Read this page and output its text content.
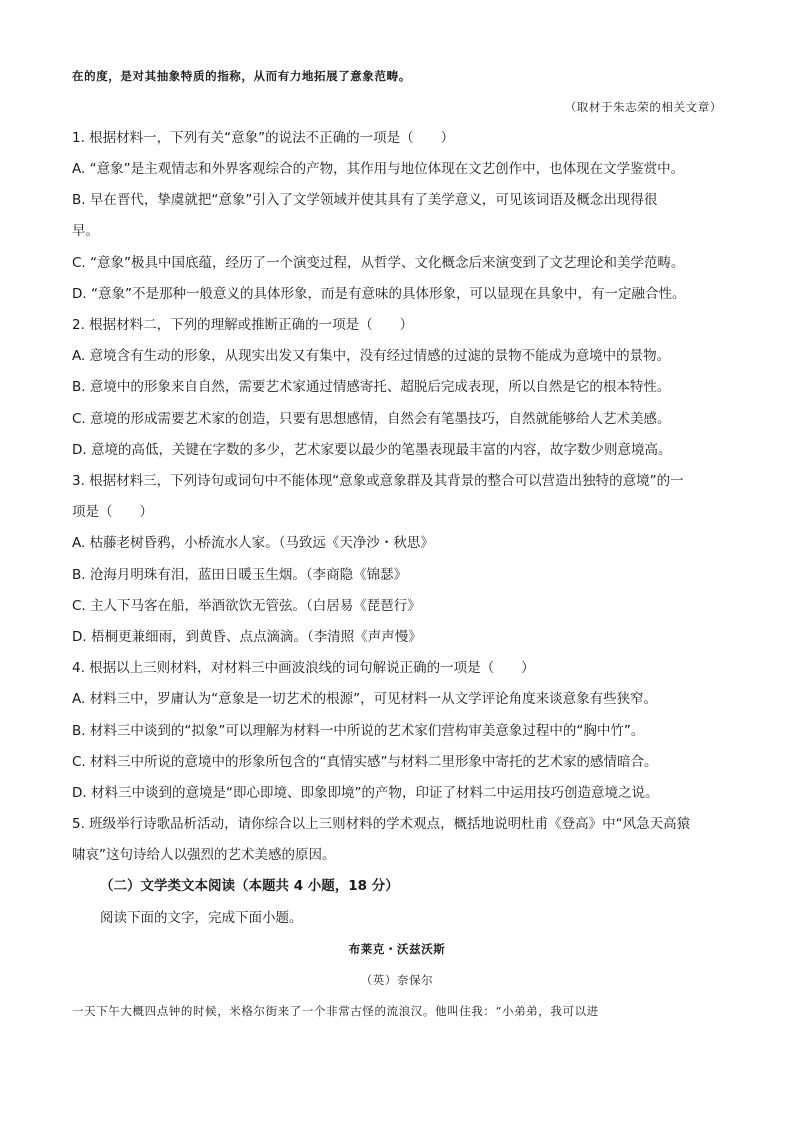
在的度，是对其抽象特质的指称，从而有力地拓展了意象范畴。
（取材于朱志荣的相关文章）
1. 根据材料一，下列有关“意象”的说法不正确的一项是（　　）
A. “意象”是主观情志和外界客观综合的产物，其作用与地位体现在文艺创作中，也体现在文学鉴赏中。
B. 早在晋代，挚虞就把“意象”引入了文学领域并使其具有了美学意义，可见该词语及概念出现得很
早。
C. “意象”极具中国底蕴，经历了一个演变过程，从哲学、文化概念后来演变到了文艺理论和美学范畴。
D. “意象”不是那种一般意义的具体形象，而是有意味的具体形象，可以显现在具象中，有一定融合性。
2. 根据材料二，下列的理解或推断正确的一项是（　　）
A. 意境含有生动的形象，从现实出发又有集中，没有经过情感的过滤的景物不能成为意境中的景物。
B. 意境中的形象来自自然，需要艺术家通过情感寄托、超脱后完成表现，所以自然是它的根本特性。
C. 意境的形成需要艺术家的创造，只要有思想感情，自然会有笔墨技巧，自然就能够给人艺术美感。
D. 意境的高低，关键在字数的多少，艺术家要以最少的笔墨表现最丰富的内容，故字数少则意境高。
3. 根据材料三，下列诗句或词句中不能体现“意象或意象群及其背景的整合可以营造出独特的意境”的一
项是（　　）
A. 枯藤老树昏鸦，小桥流水人家。（马致远《天净沙・秋思》
B. 沧海月明珠有泪，蓝田日暖玉生烟。（李商隐《锦瑟》
C. 主人下马客在船，举酒欲饮无管弦。（白居易《琵琶行》
D. 梧桐更兼细雨，到黄昏、点点滴滴。（李清照《声声慢》
4. 根据以上三则材料，对材料三中画波浪线的词句解说正确的一项是（　　）
A. 材料三中，罗庸认为“意象是一切艺术的根源”，可见材料一从文学评论角度来谈意象有些狭窄。
B. 材料三中谈到的“拟象”可以理解为材料一中所说的艺术家们营构审美意象过程中的“胸中竹”。
C. 材料三中所说的意境中的形象所包含的“真情实感”与材料二里形象中寄托的艺术家的感情暗合。
D. 材料三中谈到的意境是“即心即境、即象即境”的产物，印证了材料二中运用技巧创造意境之说。
5. 班级举行诗歌品析活动，请你综合以上三则材料的学术观点，概括地说明杜甫《登高》中“风急天高猿
啸哀”这句诗给人以强烈的艺术美感的原因。
（二）文学类文本阅读（本题共 4 小题，18 分）
阅读下面的文字，完成下面小题。
布莱克・沃兹沃斯
（英）奈保尔
一天下午大概四点钟的时候，米格尔街来了一个非常古怪的流浪汉。他叫住我：“小弟弟，我可以进
